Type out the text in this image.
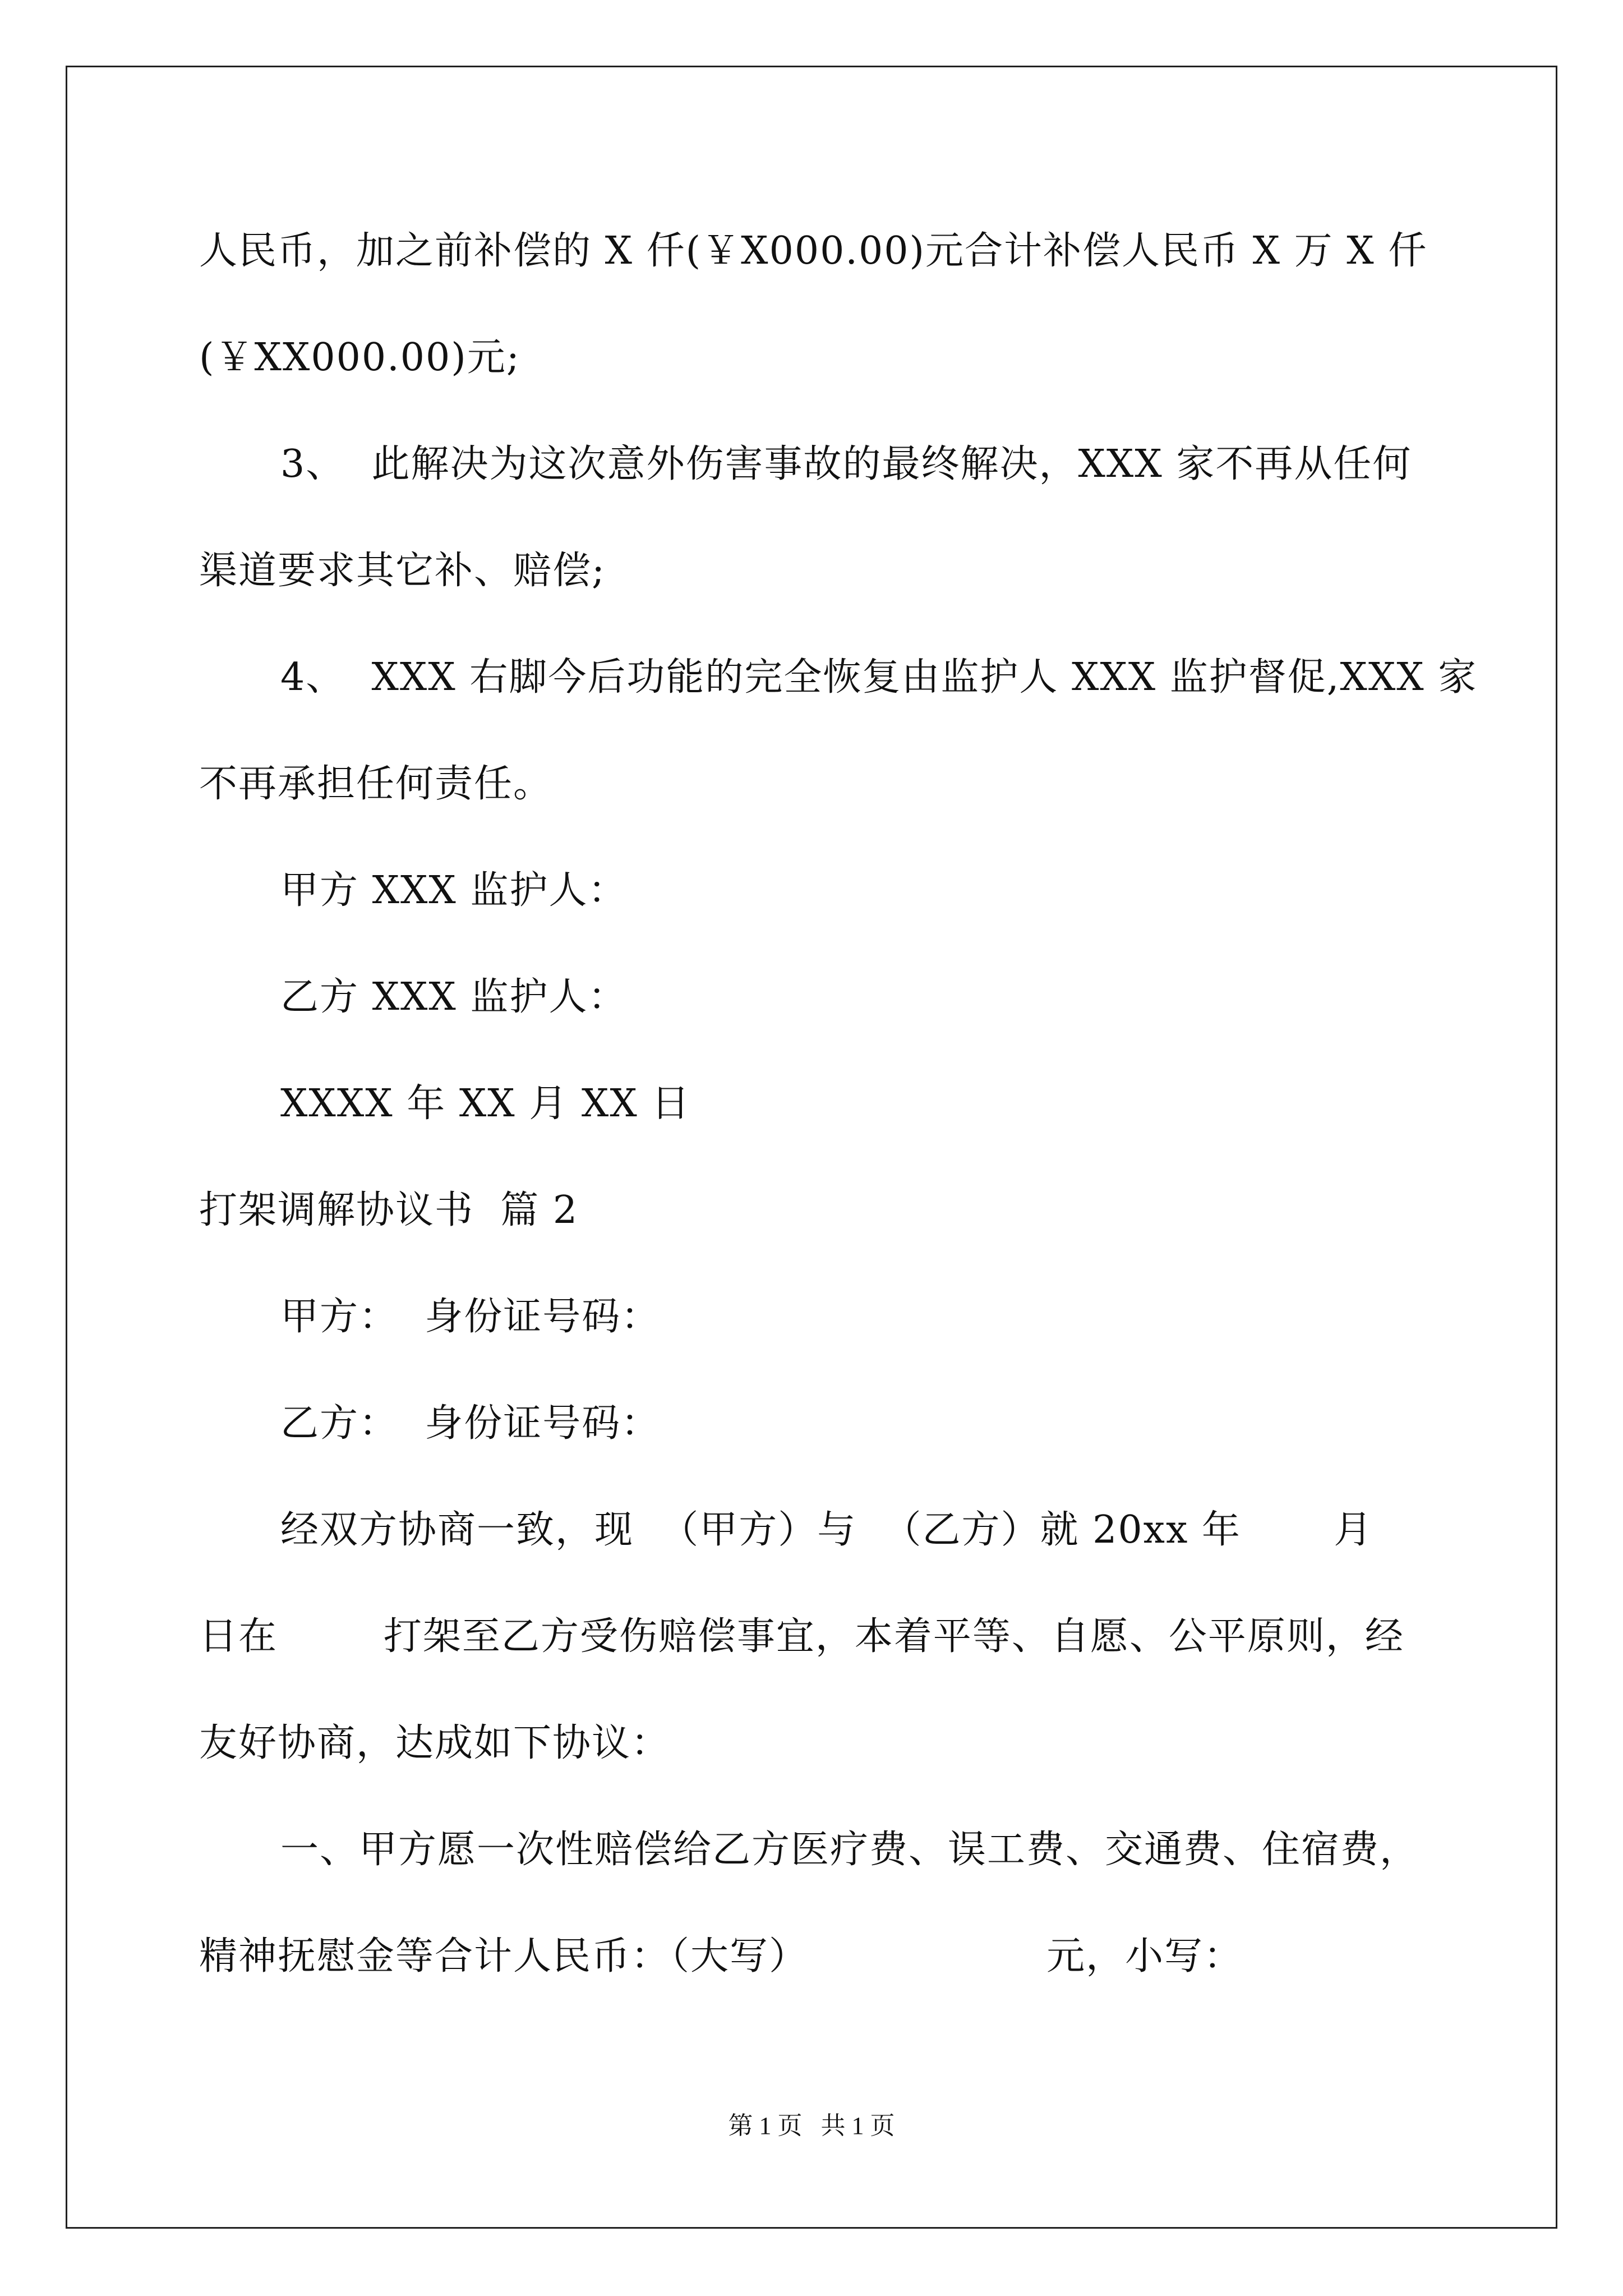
人民币，加之前补偿的 X 仟(￥X000.00)元合计补偿人民币 X 万 X 仟
(￥XX000.00)元;
3、  此解决为这次意外伤害事故的最终解决，XXX 家不再从任何
渠道要求其它补、赔偿;
4、  XXX 右脚今后功能的完全恢复由监护人 XXX 监护督促,XXX 家
不再承担任何责任。
甲方 XXX 监护人：
乙方 XXX 监护人：
XXXX 年 XX 月 XX 日
打架调解协议书  篇 2
甲方：  身份证号码：
乙方：  身份证号码：
经双方协商一致，现  （甲方）与  （乙方）就 20xx 年       月
日在        打架至乙方受伤赔偿事宜，本着平等、自愿、公平原则，经
友好协商，达成如下协议：
一、甲方愿一次性赔偿给乙方医疗费、误工费、交通费、住宿费，
精神抚慰金等合计人民币：（大写）                  元，小写：
第 1 页   共 1 页
